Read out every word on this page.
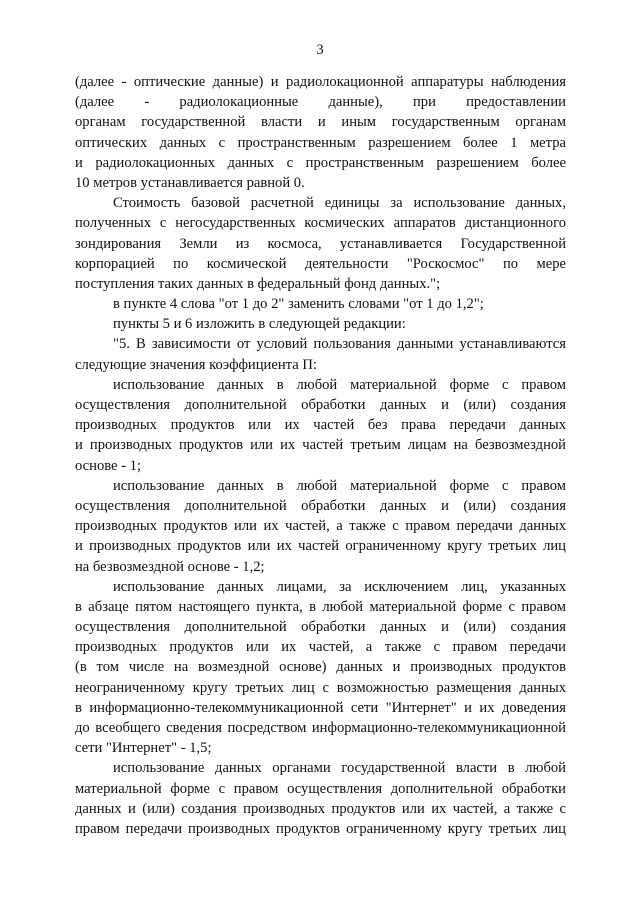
3
(далее - оптические данные) и радиолокационной аппаратуры наблюдения
(далее - радиолокационные данные), при предоставлении
органам государственной власти и иным государственным органам
оптических данных с пространственным разрешением более 1 метра
и радиолокационных данных с пространственным разрешением более
10 метров устанавливается равной 0.
Стоимость базовой расчетной единицы за использование данных,
полученных с негосударственных космических аппаратов дистанционного
зондирования Земли из космоса, устанавливается Государственной
корпорацией по космической деятельности "Роскосмос" по мере
поступления таких данных в федеральный фонд данных.";
в пункте 4 слова "от 1 до 2" заменить словами "от 1 до 1,2";
пункты 5 и 6 изложить в следующей редакции:
"5. В зависимости от условий пользования данными устанавливаются
следующие значения коэффициента П:
использование данных в любой материальной форме с правом
осуществления дополнительной обработки данных и (или) создания
производных продуктов или их частей без права передачи данных
и производных продуктов или их частей третьим лицам на безвозмездной
основе - 1;
использование данных в любой материальной форме с правом
осуществления дополнительной обработки данных и (или) создания
производных продуктов или их частей, а также с правом передачи данных
и производных продуктов или их частей ограниченному кругу третьих лиц
на безвозмездной основе - 1,2;
использование данных лицами, за исключением лиц, указанных
в абзаце пятом настоящего пункта, в любой материальной форме с правом
осуществления дополнительной обработки данных и (или) создания
производных продуктов или их частей, а также с правом передачи
(в том числе на возмездной основе) данных и производных продуктов
неограниченному кругу третьих лиц с возможностью размещения данных
в информационно-телекоммуникационной сети "Интернет" и их доведения
до всеобщего сведения посредством информационно-телекоммуникационной
сети "Интернет" - 1,5;
использование данных органами государственной власти в любой
материальной форме с правом осуществления дополнительной обработки
данных и (или) создания производных продуктов или их частей, а также с
правом передачи производных продуктов ограниченному кругу третьих лиц
